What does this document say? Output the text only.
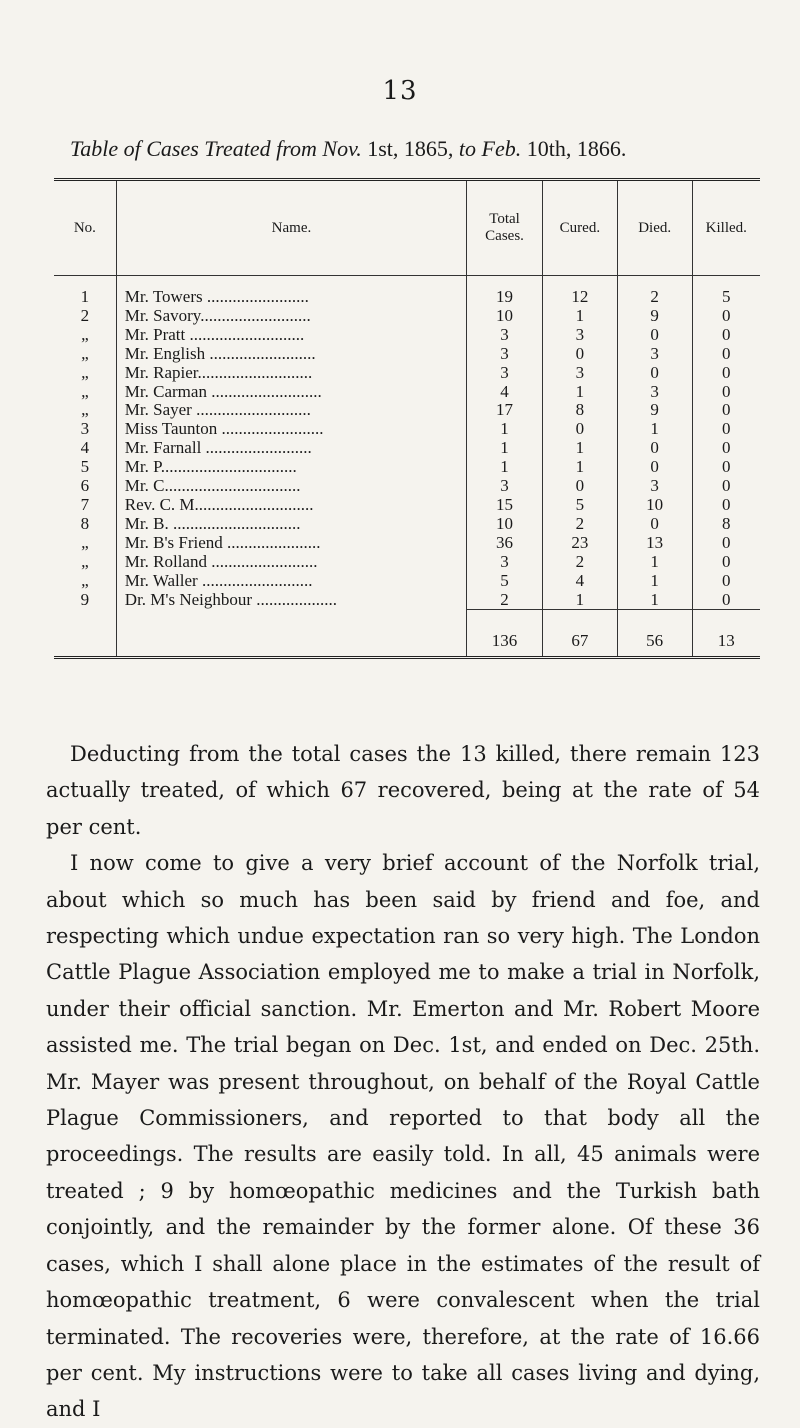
13
Table of Cases Treated from Nov. 1st, 1865, to Feb. 10th, 1866.
No.	Name.	Total Cases.	Cured.	Died.	Killed.
1	Mr. Towers ........................	19	12	2	5
2	Mr. Savory..........................	10	1	9	0
„	Mr. Pratt ...........................	3	3	0	0
„	Mr. English .........................	3	0	3	0
„	Mr. Rapier...........................	3	3	0	0
„	Mr. Carman ..........................	4	1	3	0
„	Mr. Sayer ...........................	17	8	9	0
3	Miss Taunton ........................	1	0	1	0
4	Mr. Farnall .........................	1	1	0	0
5	Mr. P................................	1	1	0	0
6	Mr. C................................	3	0	3	0
7	Rev. C. M............................	15	5	10	0
8	Mr. B. ..............................	10	2	0	8
„	Mr. B's Friend ......................	36	23	13	0
„	Mr. Rolland .........................	3	2	1	0
„	Mr. Waller ..........................	5	4	1	0
9	Dr. M's Neighbour ...................	2	1	1	0
		136	67	56	13

Deducting from the total cases the 13 killed, there remain 123 actually treated, of which 67 recovered, being at the rate of 54 per cent.

I now come to give a very brief account of the Norfolk trial, about which so much has been said by friend and foe, and respecting which undue expectation ran so very high. The London Cattle Plague Association employed me to make a trial in Norfolk, under their official sanction. Mr. Emerton and Mr. Robert Moore assisted me. The trial began on Dec. 1st, and ended on Dec. 25th. Mr. Mayer was present throughout, on behalf of the Royal Cattle Plague Commissioners, and reported to that body all the proceedings. The results are easily told. In all, 45 animals were treated ; 9 by homœopathic medicines and the Turkish bath conjointly, and the remainder by the former alone. Of these 36 cases, which I shall alone place in the estimates of the result of homœopathic treatment, 6 were convalescent when the trial terminated. The recoveries were, therefore, at the rate of 16.66 per cent. My instructions were to take all cases living and dying, and I
